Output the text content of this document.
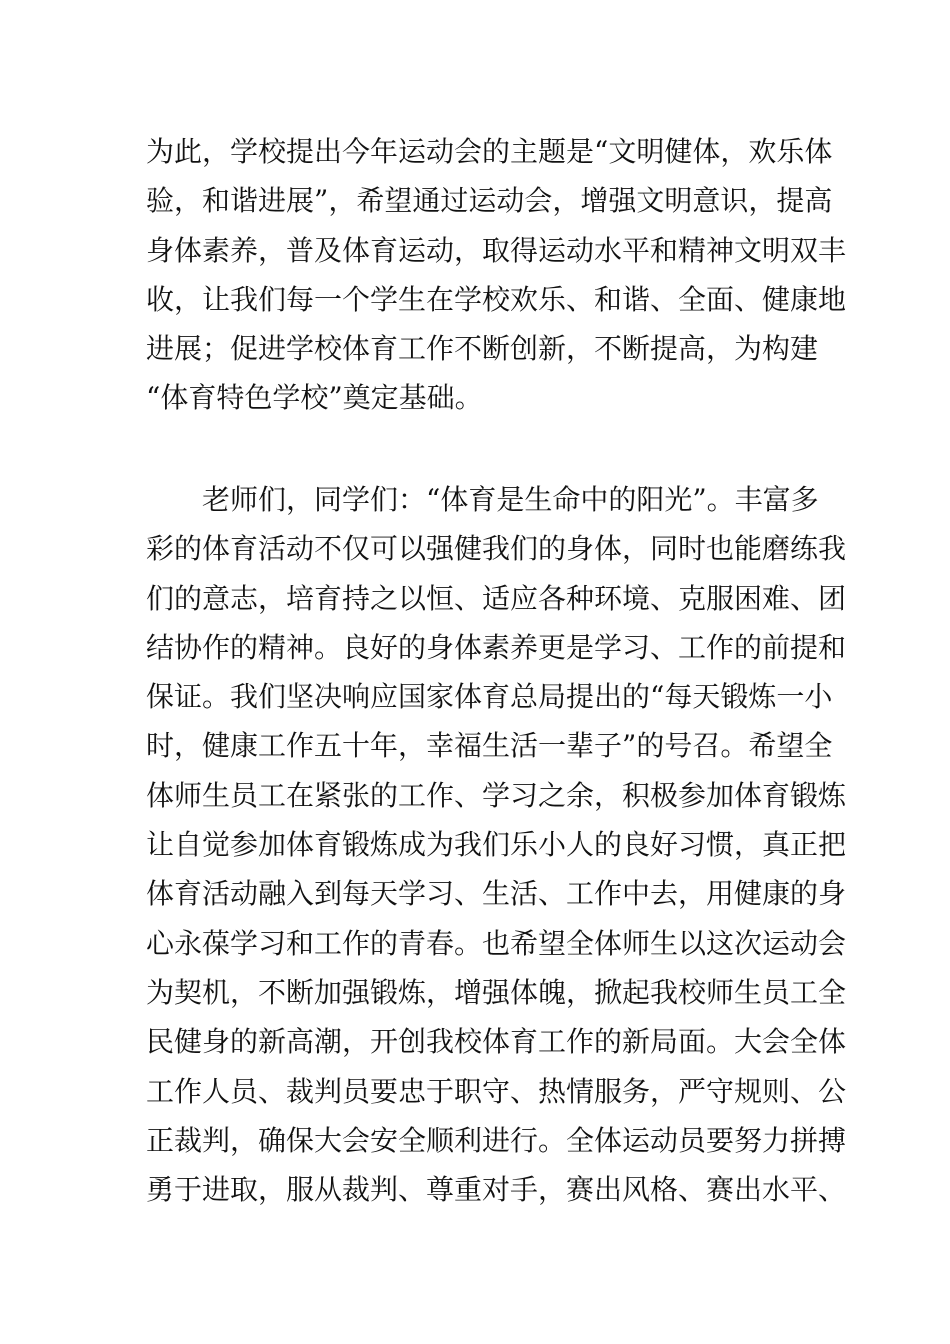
为此，学校提出今年运动会的主题是“文明健体，欢乐体
验，和谐进展”，希望通过运动会，增强文明意识，提高
身体素养，普及体育运动，取得运动水平和精神文明双丰
收，让我们每一个学生在学校欢乐、和谐、全面、健康地
进展；促进学校体育工作不断创新，不断提高，为构建
“体育特色学校”奠定基础。
　　老师们，同学们：“体育是生命中的阳光”。丰富多
彩的体育活动不仅可以强健我们的身体，同时也能磨练我
们的意志，培育持之以恒、适应各种环境、克服困难、团
结协作的精神。良好的身体素养更是学习、工作的前提和
保证。我们坚决响应国家体育总局提出的“每天锻炼一小
时，健康工作五十年，幸福生活一辈子”的号召。希望全
体师生员工在紧张的工作、学习之余，积极参加体育锻炼
让自觉参加体育锻炼成为我们乐小人的良好习惯，真正把
体育活动融入到每天学习、生活、工作中去，用健康的身
心永葆学习和工作的青春。也希望全体师生以这次运动会
为契机，不断加强锻炼，增强体魄，掀起我校师生员工全
民健身的新高潮，开创我校体育工作的新局面。大会全体
工作人员、裁判员要忠于职守、热情服务，严守规则、公
正裁判，确保大会安全顺利进行。全体运动员要努力拼搏
勇于进取，服从裁判、尊重对手，赛出风格、赛出水平、
